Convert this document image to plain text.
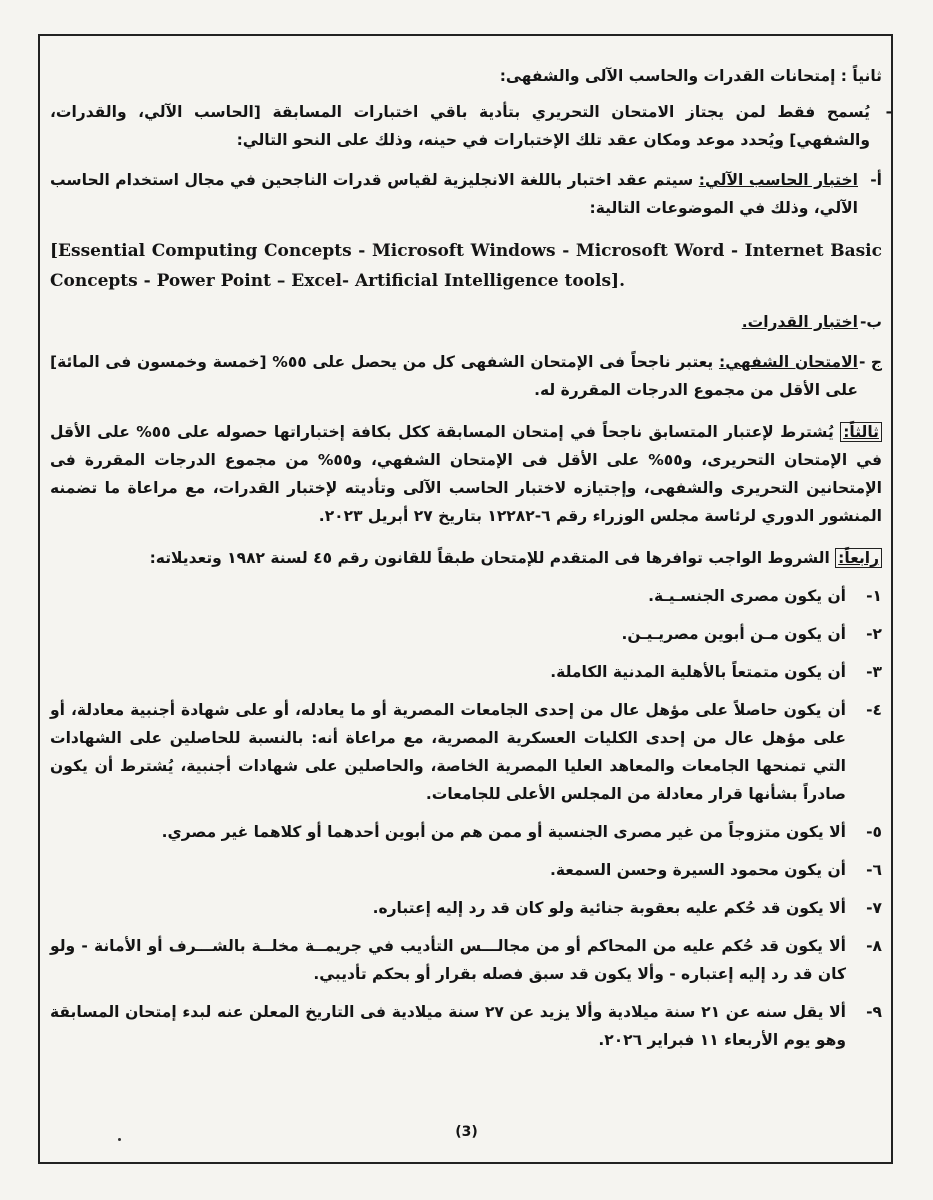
ثانياً : إمتحانات القدرات والحاسب الآلى والشفهى:

-
يُسمح فقط لمن يجتاز الامتحان التحريري بتأدية باقي اختبارات المسابقة [الحاسب الآلي، والقدرات، والشفهي] ويُحدد موعد ومكان عقد تلك الإختبارات في حينه، وذلك على النحو التالي:
أ-
اختبار الحاسب الآلي: سيتم عقد اختبار باللغة الانجليزية لقياس قدرات الناجحين في مجال استخدام الحاسب الآلي، وذلك في الموضوعات التالية:

[Essential Computing Concepts - Microsoft Windows - Microsoft Word - Internet Basic Concepts - Power Point – Excel- Artificial Intelligence tools].

ب-
اختبار القدرات.
ج -
الامتحان الشفهي: يعتبر ناجحاً فى الإمتحان الشفهى كل من يحصل على ٥٥% [خمسة وخمسون فى المائة] على الأقل من مجموع الدرجات المقررة له.
ثالثاً: يُشترط لإعتبار المتسابق ناجحاً في إمتحان المسابقة ككل بكافة إختباراتها حصوله على ٥٥% على الأقل في الإمتحان التحريرى، و٥٥% على الأقل فى الإمتحان الشفهي، و٥٥% من مجموع الدرجات المقررة فى الإمتحانين التحريرى والشفهى، وإجتيازه لاختبار الحاسب الآلى وتأديته لإختبار القدرات، مع مراعاة ما تضمنه المنشور الدوري لرئاسة مجلس الوزراء رقم ٦-١٢٢٨٢ بتاريخ ٢٧ أبريل ٢٠٢٣.
رابعاً: الشروط الواجب توافرها فى المتقدم للإمتحان طبقاً للقانون رقم ٤٥ لسنة ١٩٨٢ وتعديلاته:
١-
أن يكون مصرى الجنسـيـة.
٢-
أن يكون مـن أبوين مصريـيـن.
٣-
أن يكون متمتعاً بالأهلية المدنية الكاملة.
٤-
أن يكون حاصلاً على مؤهل عال من إحدى الجامعات المصرية أو ما يعادله، أو على شهادة أجنبية معادلة، أو على مؤهل عال من إحدى الكليات العسكرية المصرية، مع مراعاة أنه: بالنسبة للحاصلين على الشهادات التي تمنحها الجامعات والمعاهد العليا المصرية الخاصة، والحاصلين على شهادات أجنبية، يُشترط أن يكون صادراً بشأنها قرار معادلة من المجلس الأعلى للجامعات.
٥-
ألا يكون متزوجاً من غير مصرى الجنسية أو ممن هم من أبوين أحدهما أو كلاهما غير مصري.
٦-
أن يكون محمود السيرة وحسن السمعة.
٧-
ألا يكون قد حُكم عليه بعقوبة جنائية ولو كان قد رد إليه إعتباره.
٨-
ألا يكون قد حُكم عليه من المحاكم أو من مجالـــس التأديب في جريمــة مخلــة بالشـــرف أو الأمانة - ولو كان قد رد إليه إعتباره - وألا يكون قد سبق فصله بقرار أو بحكم تأديبي.
٩-
ألا يقل سنه عن ٢١ سنة ميلادية وألا يزيد عن ٢٧ سنة ميلادية فى التاريخ المعلن عنه لبدء إمتحان المسابقة وهو يوم الأربعاء ١١ فبراير ٢٠٢٦.
(3)
